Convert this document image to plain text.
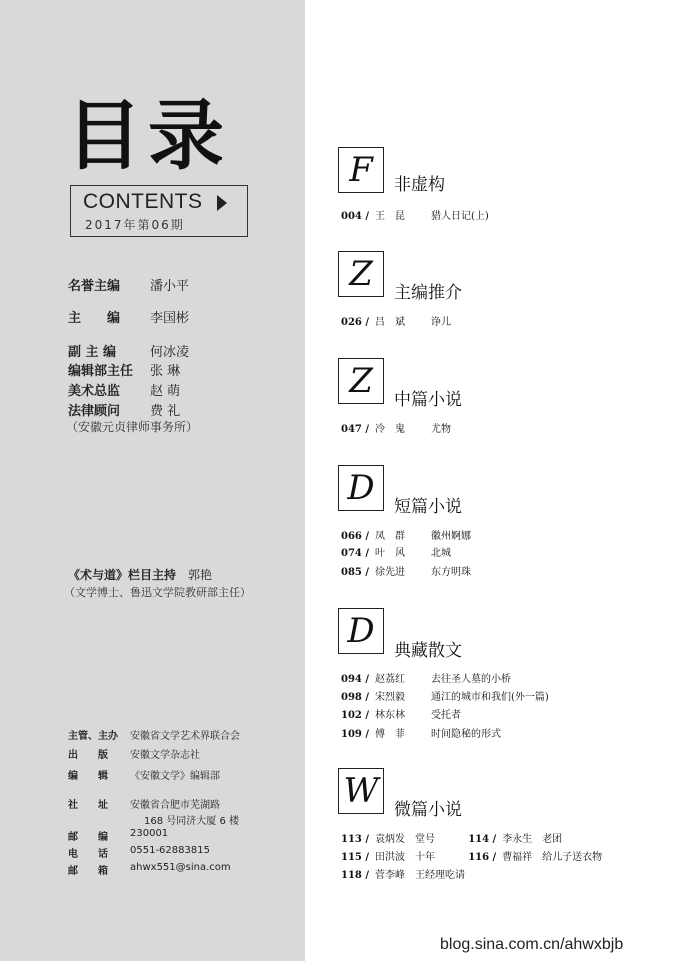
目录
CONTENTS
2017年第06期
名誉主编 潘小平
主　　编 李国彬
副 主 编	何冰凌
编辑部主任 张 琳
美术总监 赵 萌
法律顾问 费 礼
（安徽元贞律师事务所）
《术与道》栏目主持 郭艳
（文学博士、鲁迅文学院教研部主任）
主管、主办 安徽省文学艺术界联合会
出　　版 安徽文学杂志社
编　　辑 《安徽文学》编辑部
社　　址 安徽省合肥市芜湖路
168 号同济大厦 6 楼
邮　　编 230001
电　　话 0551-62883815
邮　　箱 ahwx551@sina.com
F	非虚构
004 / 王　昆	猎人日记(上)
Z	主编推介
026 / 吕　斌	诤儿
Z	中篇小说
047 / 冷　鬼	尤物
D	短篇小说
066 / 凤　群	徽州婀娜
074 / 叶　风	北城
085 / 徐先进	东方明珠
D	典藏散文
094 / 赵荔红	去往圣人墓的小桥
098 / 宋烈毅	通江的城市和我们(外一篇)
102 / 林东林	受托者
109 / 傅　菲	时间隐秘的形式
W 微篇小说
113 / 袁炳发 堂号	114 / 李永生 老团
115 / 田洪波 十年	116 / 曹福祥 给儿子送衣物
118 / 菅李峰 王经理吃请
blog.sina.com.cn/ahwxbjb
